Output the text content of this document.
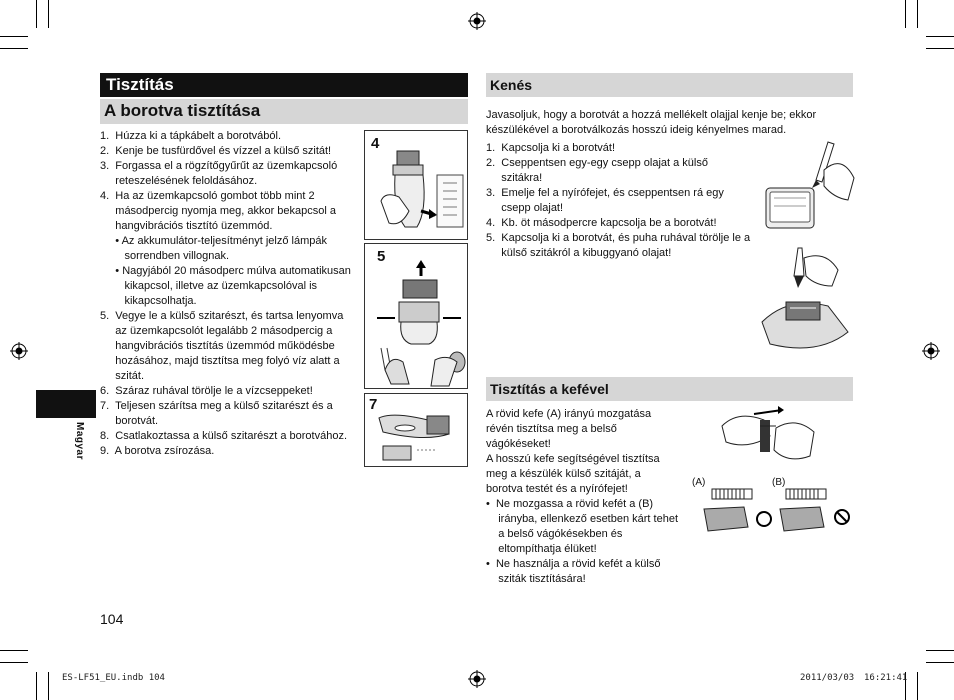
Tisztítás
A borotva tisztítása
1.  Húzza ki a tápkábelt a borotvából.
2.  Kenje be tusfürdővel és vízzel a külső szitát!
3.  Forgassa el a rögzítőgyűrűt az üzemkapcsoló
reteszelésének feloldásához.
4.  Ha az üzemkapcsoló gombot több mint 2
másodpercig nyomja meg, akkor bekapcsol a
hangvibrációs tisztító üzemmód.
• Az akkumulátor-teljesítményt jelző lámpák
sorrendben villognak.
• Nagyjából 20 másodperc múlva automatikusan
kikapcsol, illetve az üzemkapcsolóval is
kikapcsolhatja.
5.  Vegye le a külső szitarészt, és tartsa lenyomva
az üzemkapcsolót legalább 2 másodpercig a
hangvibrációs tisztítás üzemmód működésbe
hozásához, majd tisztítsa meg folyó víz alatt a
szitát.
6.  Száraz ruhával törölje le a vízcseppeket!
7.  Teljesen szárítsa meg a külső szitarészt és a
borotvát.
8.  Csatlakoztassa a külső szitarészt a borotvához.
9.  A borotva zsírozása.
4
5
7
Magyar
104
Kenés
Javasoljuk, hogy a borotvát a hozzá mellékelt olajjal kenje be; ekkor
készülékével a borotválkozás hosszú ideig kényelmes marad.
1.  Kapcsolja ki a borotvát!
2.  Cseppentsen egy-egy csepp olajat a külső
szitákra!
3.  Emelje fel a nyírófejet, és cseppentsen rá egy
csepp olajat!
4.  Kb. öt másodpercre kapcsolja be a borotvát!
5.  Kapcsolja ki a borotvát, és puha ruhával törölje le a
külső szitákról a kibuggyanó olajat!
Tisztítás a kefével
A rövid kefe (A) irányú mozgatása
révén tisztítsa meg a belső
vágókéseket!
A hosszú kefe segítségével tisztítsa
meg a készülék külső szitáját, a
borotva testét és a nyírófejet!
•  Ne mozgassa a rövid kefét a (B)
irányba, ellenkező esetben kárt tehet
a belső vágókésekben és
eltompíthatja élüket!
•  Ne használja a rövid kefét a külső
sziták tisztítására!
(A)	(B)
ES-LF51_EU.indb 104	2011/03/03 16:21:41
